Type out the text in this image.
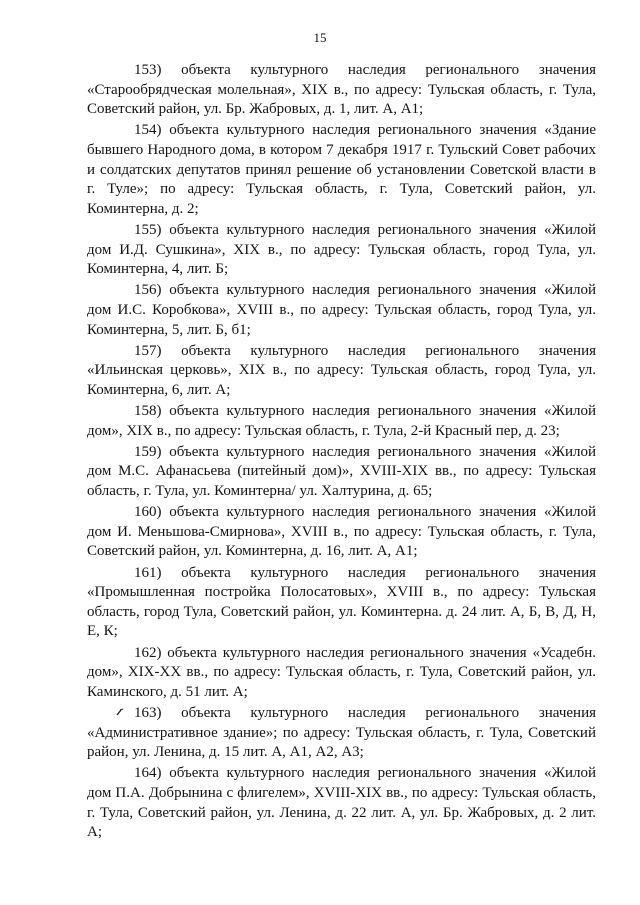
15

153) объекта культурного наследия регионального значения «Старообрядческая молельная», XIX в., по адресу: Тульская область, г. Тула, Советский район, ул. Бр. Жабровых, д. 1, лит. А, А1;

154) объекта культурного наследия регионального значения «Здание бывшего Народного дома, в котором 7 декабря 1917 г. Тульский Совет рабочих и солдатских депутатов принял решение об установлении Советской власти в г. Туле»; по адресу: Тульская область, г. Тула, Советский район, ул. Коминтерна, д. 2;

155) объекта культурного наследия регионального значения «Жилой дом И.Д. Сушкина», XIX в., по адресу: Тульская область, город Тула, ул. Коминтерна, 4, лит. Б;

156) объекта культурного наследия регионального значения «Жилой дом И.С. Коробкова», XVIII в., по адресу: Тульская область, город Тула, ул. Коминтерна, 5, лит. Б, б1;

157) объекта культурного наследия регионального значения «Ильинская церковь», XIX в., по адресу: Тульская область, город Тула, ул. Коминтерна, 6, лит. А;

158) объекта культурного наследия регионального значения «Жилой дом», XIX в., по адресу: Тульская область, г. Тула, 2-й Красный пер, д. 23;

159) объекта культурного наследия регионального значения «Жилой дом М.С. Афанасьева (питейный дом)», XVIII-XIX вв., по адресу: Тульская область, г. Тула, ул. Коминтерна/ ул. Халтурина, д. 65;

160) объекта культурного наследия регионального значения «Жилой дом И. Меньшова-Смирнова», XVIII в., по адресу: Тульская область, г. Тула, Советский район, ул. Коминтерна, д. 16, лит. А, А1;

161) объекта культурного наследия регионального значения «Промышленная постройка Полосатовых», XVIII в., по адресу: Тульская область, город Тула, Советский район, ул. Коминтерна. д. 24 лит. А, Б, В, Д, Н, Е, К;

162) объекта культурного наследия регионального значения «Усадебн. дом», XIX-XX вв., по адресу: Тульская область, г. Тула, Советский район, ул. Каминского, д. 51 лит. А;

163) объекта культурного наследия регионального значения «Административное здание»; по адресу: Тульская область, г. Тула, Советский район, ул. Ленина, д. 15 лит. А, А1, А2, А3;

164) объекта культурного наследия регионального значения «Жилой дом П.А. Добрынина с флигелем», XVIII-XIX вв., по адресу: Тульская область, г. Тула, Советский район, ул. Ленина, д. 22 лит. А, ул. Бр. Жабровых, д. 2 лит. А;
